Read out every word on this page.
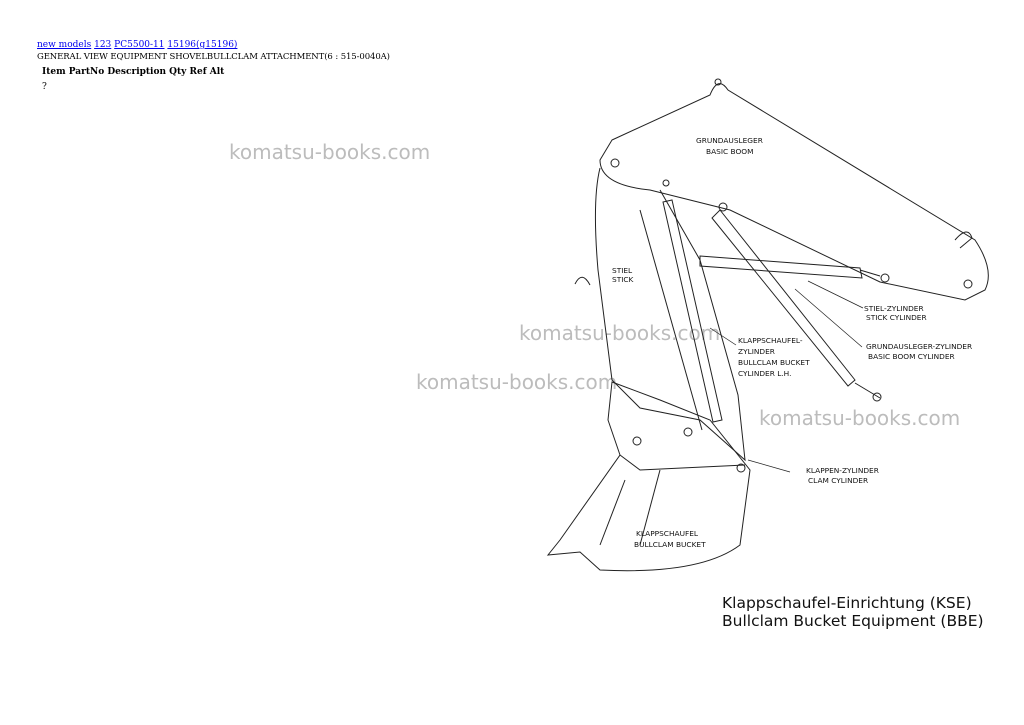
new models 123 PC5500-11 15196(g15196)
GENERAL VIEW EQUIPMENT SHOVELBULLCLAM ATTACHMENT(6 : 515-0040A)
Item PartNo Description Qty Ref Alt
?
komatsu-books.com
komatsu-books.com
komatsu-books.com
komatsu-books.com
GRUNDAUSLEGER
BASIC BOOM
STIEL
STICK
STIEL-ZYLINDER
STICK CYLINDER
KLAPPSCHAUFEL-
ZYLINDER
BULLCLAM BUCKET
CYLINDER L.H.
GRUNDAUSLEGER-ZYLINDER
BASIC BOOM CYLINDER
KLAPPEN-ZYLINDER
CLAM CYLINDER
KLAPPSCHAUFEL
BULLCLAM BUCKET
Klappschaufel-Einrichtung (KSE)
Bullclam Bucket Equipment (BBE)
